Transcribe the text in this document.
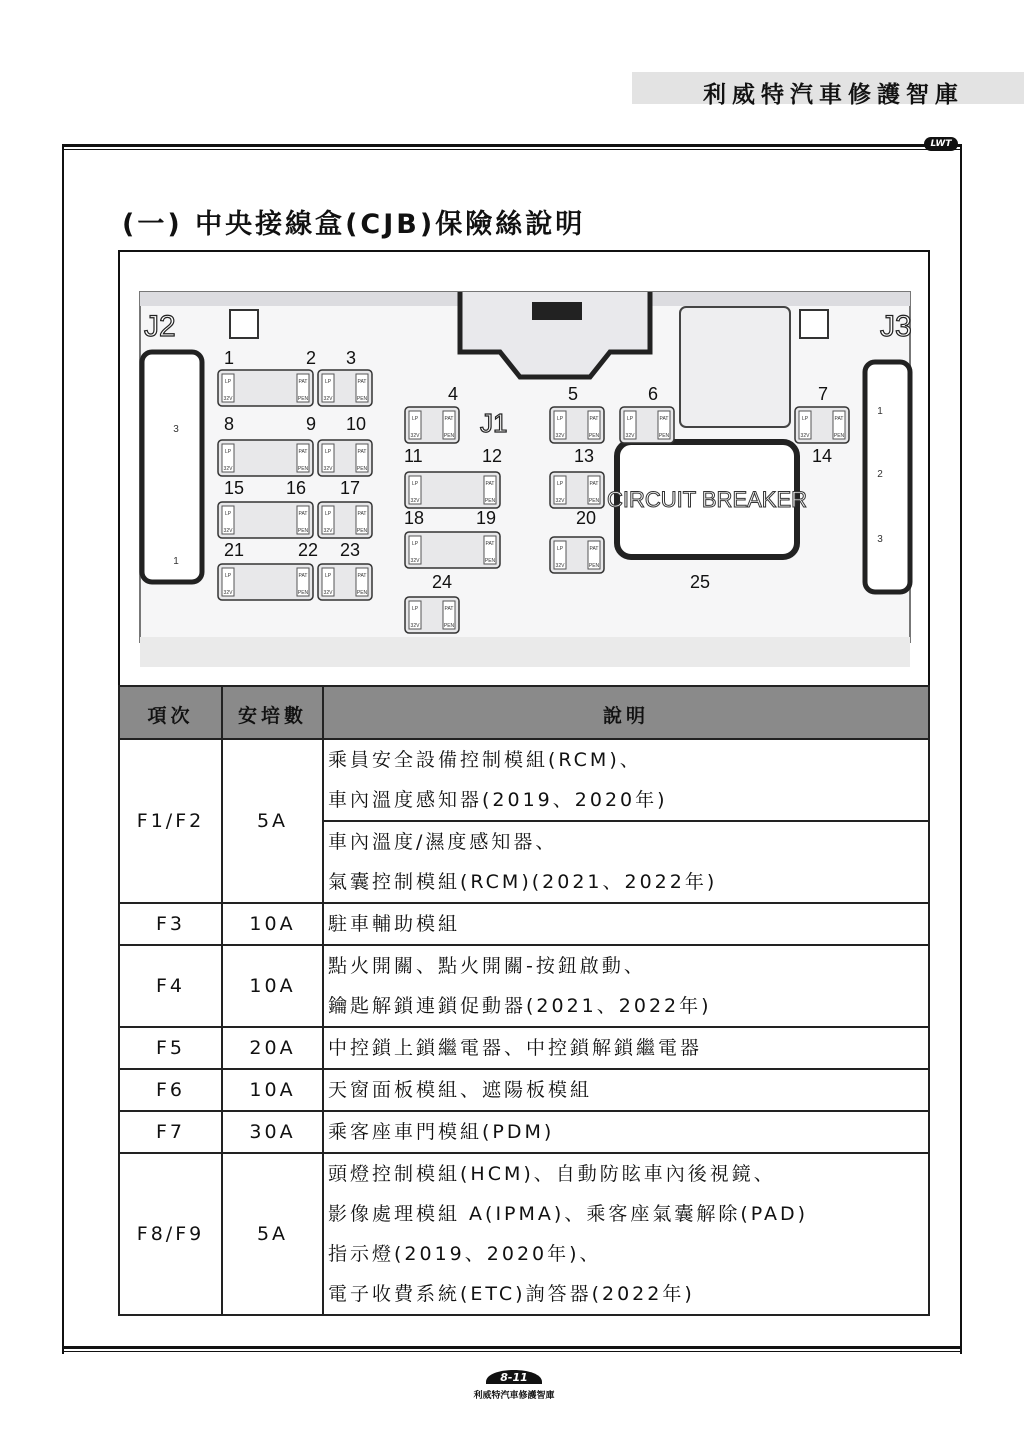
利威特汽車修護智庫
LWT
(一) 中央接線盒(CJB)保險絲說明
1	2 3
4	5	6	7
8	9 10
11	12	13	14
15 16 17
18	19	20
21	22 23
24	25
J2
J1
J3
CIRCUIT BREAKER
3
1
1
2
3
LP
32V
PAT
PEN
LP
32V
PAT
PEN
LP
32V
PAT
PEN
LP
32V
PAT
PEN
LP
32V
PAT
PEN
LP
32V
PAT
PEN
LP
32V
PAT
PEN
LP
32V
PAT
PEN
LP
32V
PAT
PEN
LP
32V
PAT
PEN
LP
32V
PAT
PEN
LP
32V
PAT
PEN
LP
32V
PAT
PEN
LP
32V
PAT
PEN
LP
32V
PAT
PEN
LP
32V
PAT
PEN
LP
32V
PAT
PEN
項次	安培數	說明
F1/F2	5A	乘員安全設備控制模組(RCM)、
車內溫度感知器(2019、2020年)
車內溫度/濕度感知器、
氣囊控制模組(RCM)(2021、2022年)

F3	10A	駐車輔助模組

F4	10A	點火開關、點火開關-按鈕啟動、
鑰匙解鎖連鎖促動器(2021、2022年)

F5	20A	中控鎖上鎖繼電器、中控鎖解鎖繼電器

F6	10A	天窗面板模組、遮陽板模組

F7	30A	乘客座車門模組(PDM)

F8/F9	5A	頭燈控制模組(HCM)、自動防眩車內後視鏡、
影像處理模組 A(IPMA)、乘客座氣囊解除(PAD)
指示燈(2019、2020年)、
電子收費系統(ETC)詢答器(2022年)
8-11
利威特汽車修護智庫
